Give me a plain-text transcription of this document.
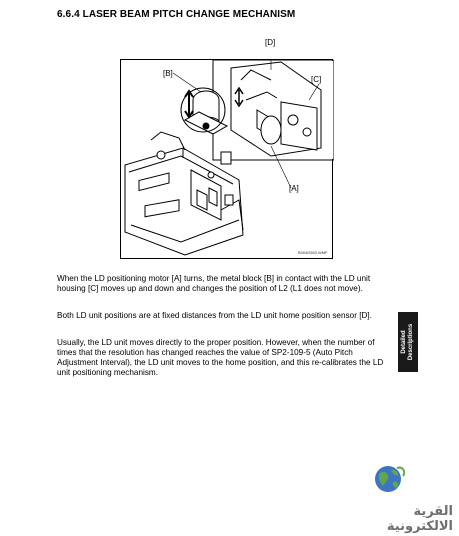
6.6.4 LASER BEAM PITCH CHANGE MECHANISM
[B]
[D]
[C]
[A]
B004D563.WMF

When the LD positioning motor [A] turns, the metal block [B] in contact with the LD unit housing [C] moves up and down and changes the position of L2 (L1 does not move).

Both LD unit positions are at fixed distances from the LD unit home position sensor [D].

Usually, the LD unit moves directly to the proper position. However, when the number of times that the resolution has changed reaches the value of SP2-109-5 (Auto Pitch Adjustment Interval), the LD unit moves to the home position, and this re-calibrates the LD unit positioning mechanism.

Detailed Descriptions
القرية الالكترونية
